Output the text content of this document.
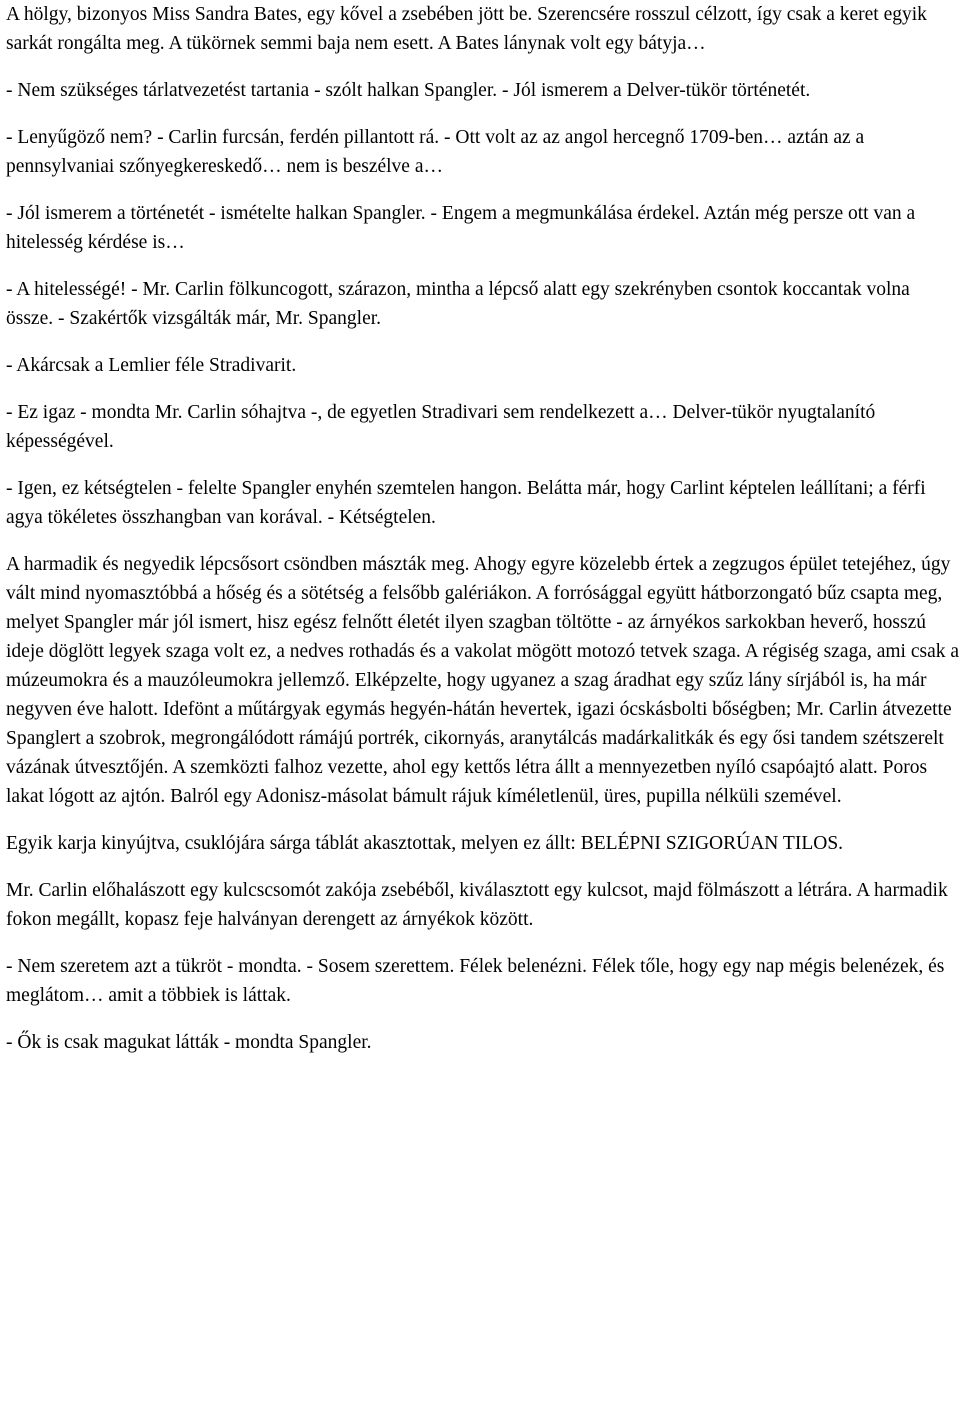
A hölgy, bizonyos Miss Sandra Bates, egy kővel a zsebében jött be. Szerencsére rosszul célzott, így csak a keret egyik sarkát rongálta meg. A tükörnek semmi baja nem esett. A Bates lánynak volt egy bátyja…

- Nem szükséges tárlatvezetést tartania - szólt halkan Spangler. - Jól ismerem a Delver-tükör történetét.

- Lenyűgöző nem? - Carlin furcsán, ferdén pillantott rá. - Ott volt az az angol hercegnő 1709-ben… aztán az a pennsylvaniai szőnyegkereskedő… nem is beszélve a…

- Jól ismerem a történetét - ismételte halkan Spangler. - Engem a megmunkálása érdekel. Aztán még persze ott van a hitelesség kérdése is…

- A hitelességé! - Mr. Carlin fölkuncogott, szárazon, mintha a lépcső alatt egy szekrényben csontok koccantak volna össze. - Szakértők vizsgálták már, Mr. Spangler.

- Akárcsak a Lemlier féle Stradivarit.

- Ez igaz - mondta Mr. Carlin sóhajtva -, de egyetlen Stradivari sem rendelkezett a… Delver-tükör nyugtalanító képességével.

- Igen, ez kétségtelen - felelte Spangler enyhén szemtelen hangon. Belátta már, hogy Carlint képtelen leállítani; a férfi agya tökéletes összhangban van korával. - Kétségtelen.

A harmadik és negyedik lépcsősort csöndben mászták meg. Ahogy egyre közelebb értek a zegzugos épület tetejéhez, úgy vált mind nyomasztóbbá a hőség és a sötétség a felsőbb galériákon. A forrósággal együtt hátborzongató bűz csapta meg, melyet Spangler már jól ismert, hisz egész felnőtt életét ilyen szagban töltötte - az árnyékos sarkokban heverő, hosszú ideje döglött legyek szaga volt ez, a nedves rothadás és a vakolat mögött motozó tetvek szaga. A régiség szaga, ami csak a múzeumokra és a mauzóleumokra jellemző. Elképzelte, hogy ugyanez a szag áradhat egy szűz lány sírjából is, ha már negyven éve halott. Idefönt a műtárgyak egymás hegyén-hátán hevertek, igazi ócskásbolti bőségben; Mr. Carlin átvezette Spanglert a szobrok, megrongálódott rámájú portrék, cikornyás, aranytálcás madárkalitkák és egy ősi tandem szétszerelt vázának útvesztőjén. A szemközti falhoz vezette, ahol egy kettős létra állt a mennyezetben nyíló csapóajtó alatt. Poros lakat lógott az ajtón. Balról egy Adonisz-másolat bámult rájuk kíméletlenül, üres, pupilla nélküli szemével.

Egyik karja kinyújtva, csuklójára sárga táblát akasztottak, melyen ez állt: BELÉPNI SZIGORÚAN TILOS.

Mr. Carlin előhalászott egy kulcscsomót zakója zsebéből, kiválasztott egy kulcsot, majd fölmászott a létrára. A harmadik fokon megállt, kopasz feje halványan derengett az árnyékok között.

- Nem szeretem azt a tükröt - mondta. - Sosem szerettem. Félek belenézni. Félek tőle, hogy egy nap mégis belenézek, és meglátom… amit a többiek is láttak.

- Ők is csak magukat látták - mondta Spangler.
